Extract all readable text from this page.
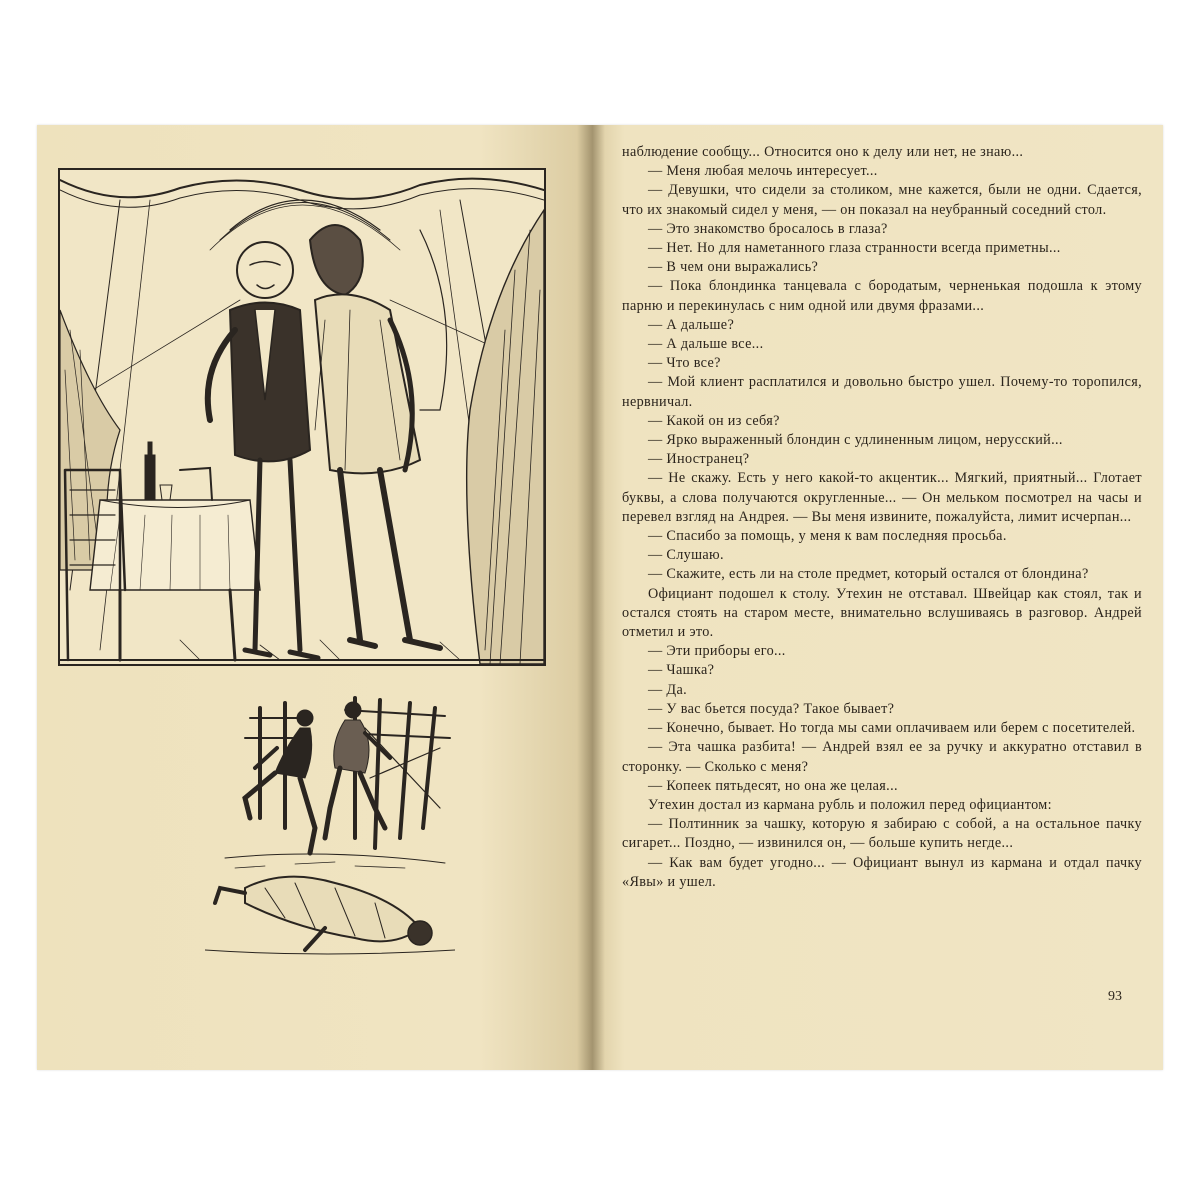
наблюдение сообщу... Относится оно к делу или нет, не знаю...

— Меня любая мелочь интересует...

— Девушки, что сидели за столиком, мне кажется, были не одни. Сдается, что их знакомый сидел у меня, — он показал на неубранный соседний стол.

— Это знакомство бросалось в глаза?

— Нет. Но для наметанного глаза странности всегда приметны...

— В чем они выражались?

— Пока блондинка танцевала с бородатым, черненькая подошла к этому парню и перекинулась с ним одной или двумя фразами...

— А дальше?

— А дальше все...

— Что все?

— Мой клиент расплатился и довольно быстро ушел. Почему-то торопился, нервничал.

— Какой он из себя?

— Ярко выраженный блондин с удлиненным лицом, нерусский...

— Иностранец?

— Не скажу. Есть у него какой-то акцентик... Мягкий, приятный... Глотает буквы, а слова получаются округленные... — Он мельком посмотрел на часы и перевел взгляд на Андрея. — Вы меня извините, пожалуйста, лимит исчерпан...

— Спасибо за помощь, у меня к вам последняя просьба.

— Слушаю.

— Скажите, есть ли на столе предмет, который остался от блондина?

Официант подошел к столу. Утехин не отставал. Швейцар как стоял, так и остался стоять на старом месте, внимательно вслушиваясь в разговор. Андрей отметил и это.

— Эти приборы его...

— Чашка?

— Да.

— У вас бьется посуда? Такое бывает?

— Конечно, бывает. Но тогда мы сами оплачиваем или берем с посетителей.

— Эта чашка разбита! — Андрей взял ее за ручку и аккуратно отставил в сторонку. — Сколько с меня?

— Копеек пятьдесят, но она же целая...

Утехин достал из кармана рубль и положил перед официантом:

— Полтинник за чашку, которую я забираю с собой, а на остальное пачку сигарет... Поздно, — извинился он, — больше купить негде...

— Как вам будет угодно... — Официант вынул из кармана и отдал пачку «Явы» и ушел.

93
